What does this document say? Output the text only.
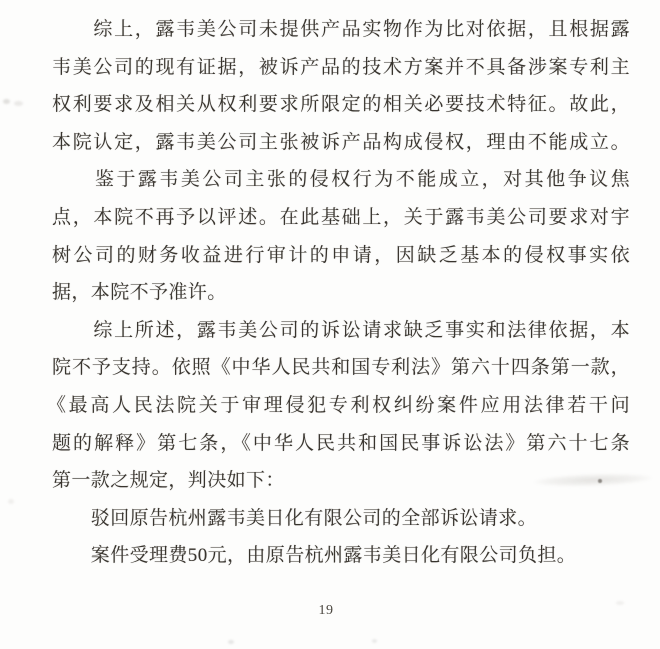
　　综上，露韦美公司未提供产品实物作为比对依据，且根据露
韦美公司的现有证据，被诉产品的技术方案并不具备涉案专利主
权利要求及相关从权利要求所限定的相关必要技术特征。故此，
本院认定，露韦美公司主张被诉产品构成侵权，理由不能成立。
　　鉴于露韦美公司主张的侵权行为不能成立，对其他争议焦
点，本院不再予以评述。在此基础上，关于露韦美公司要求对宇
树公司的财务收益进行审计的申请，因缺乏基本的侵权事实依
据，本院不予准许。
　　综上所述，露韦美公司的诉讼请求缺乏事实和法律依据，本
院不予支持。依照《中华人民共和国专利法》第六十四条第一款，
《最高人民法院关于审理侵犯专利权纠纷案件应用法律若干问
题的解释》第七条，《中华人民共和国民事诉讼法》第六十七条
第一款之规定，判决如下：
　　驳回原告杭州露韦美日化有限公司的全部诉讼请求。
　　案件受理费50元，由原告杭州露韦美日化有限公司负担。
19
